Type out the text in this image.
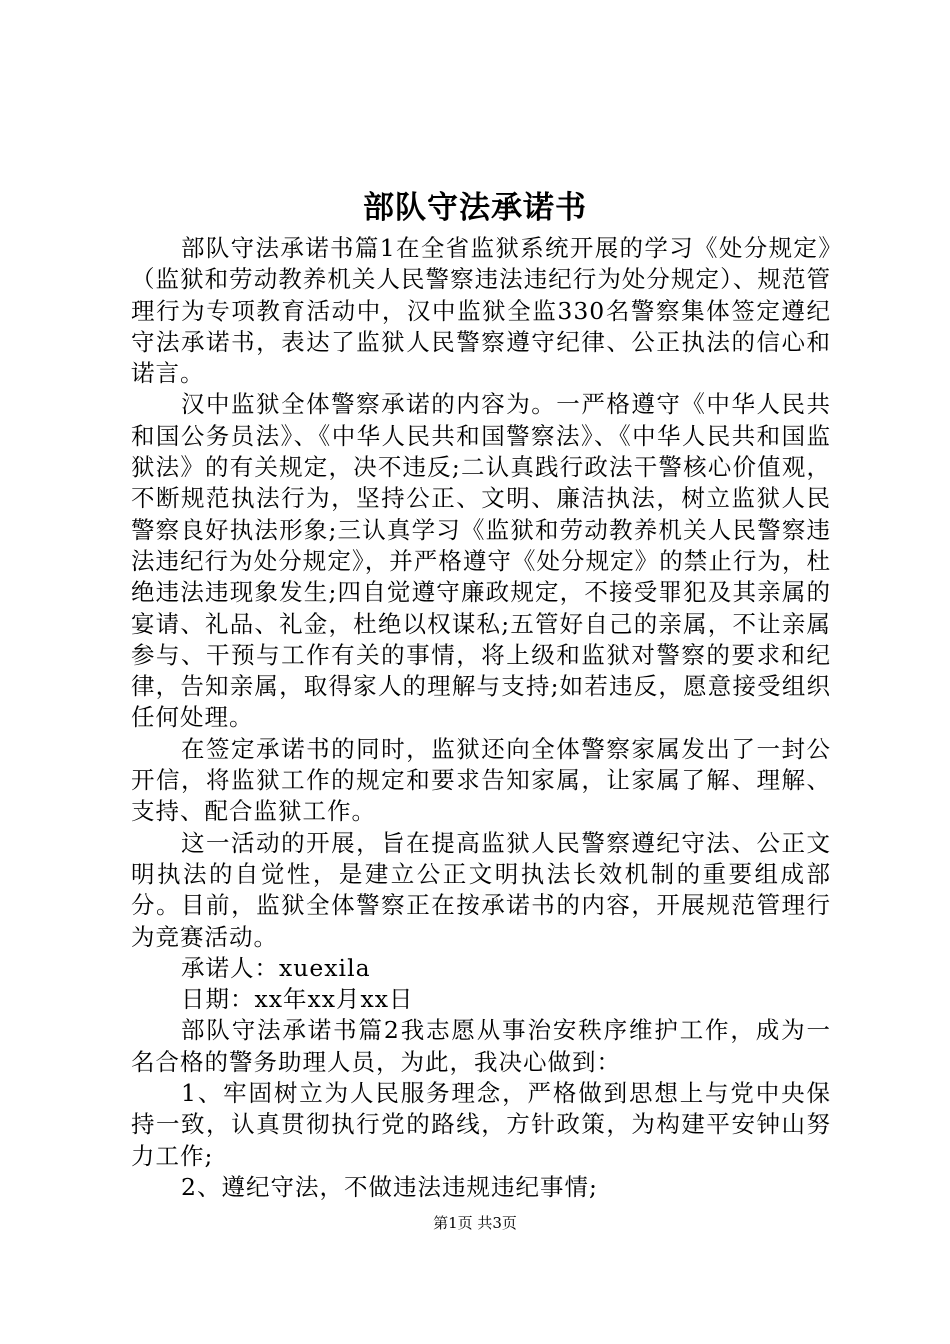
部队守法承诺书

部队守法承诺书篇1在全省监狱系统开展的学习《处分规定》（监狱和劳动教养机关人民警察违法违纪行为处分规定）、规范管理行为专项教育活动中，汉中监狱全监330名警察集体签定遵纪守法承诺书，表达了监狱人民警察遵守纪律、公正执法的信心和诺言。

汉中监狱全体警察承诺的内容为。一严格遵守《中华人民共和国公务员法》、《中华人民共和国警察法》、《中华人民共和国监狱法》的有关规定，决不违反;二认真践行政法干警核心价值观，不断规范执法行为，坚持公正、文明、廉洁执法，树立监狱人民警察良好执法形象;三认真学习《监狱和劳动教养机关人民警察违法违纪行为处分规定》，并严格遵守《处分规定》的禁止行为，杜绝违法违现象发生;四自觉遵守廉政规定，不接受罪犯及其亲属的宴请、礼品、礼金，杜绝以权谋私;五管好自己的亲属，不让亲属参与、干预与工作有关的事情，将上级和监狱对警察的要求和纪律，告知亲属，取得家人的理解与支持;如若违反，愿意接受组织任何处理。

在签定承诺书的同时，监狱还向全体警察家属发出了一封公开信，将监狱工作的规定和要求告知家属，让家属了解、理解、支持、配合监狱工作。

这一活动的开展，旨在提高监狱人民警察遵纪守法、公正文明执法的自觉性，是建立公正文明执法长效机制的重要组成部分。目前，监狱全体警察正在按承诺书的内容，开展规范管理行为竞赛活动。

承诺人：xuexila

日期：xx年xx月xx日

部队守法承诺书篇2我志愿从事治安秩序维护工作，成为一名合格的警务助理人员，为此，我决心做到：

1、牢固树立为人民服务理念，严格做到思想上与党中央保持一致，认真贯彻执行党的路线，方针政策，为构建平安钟山努力工作;

2、遵纪守法，不做违法违规违纪事情;

第1页 共3页
